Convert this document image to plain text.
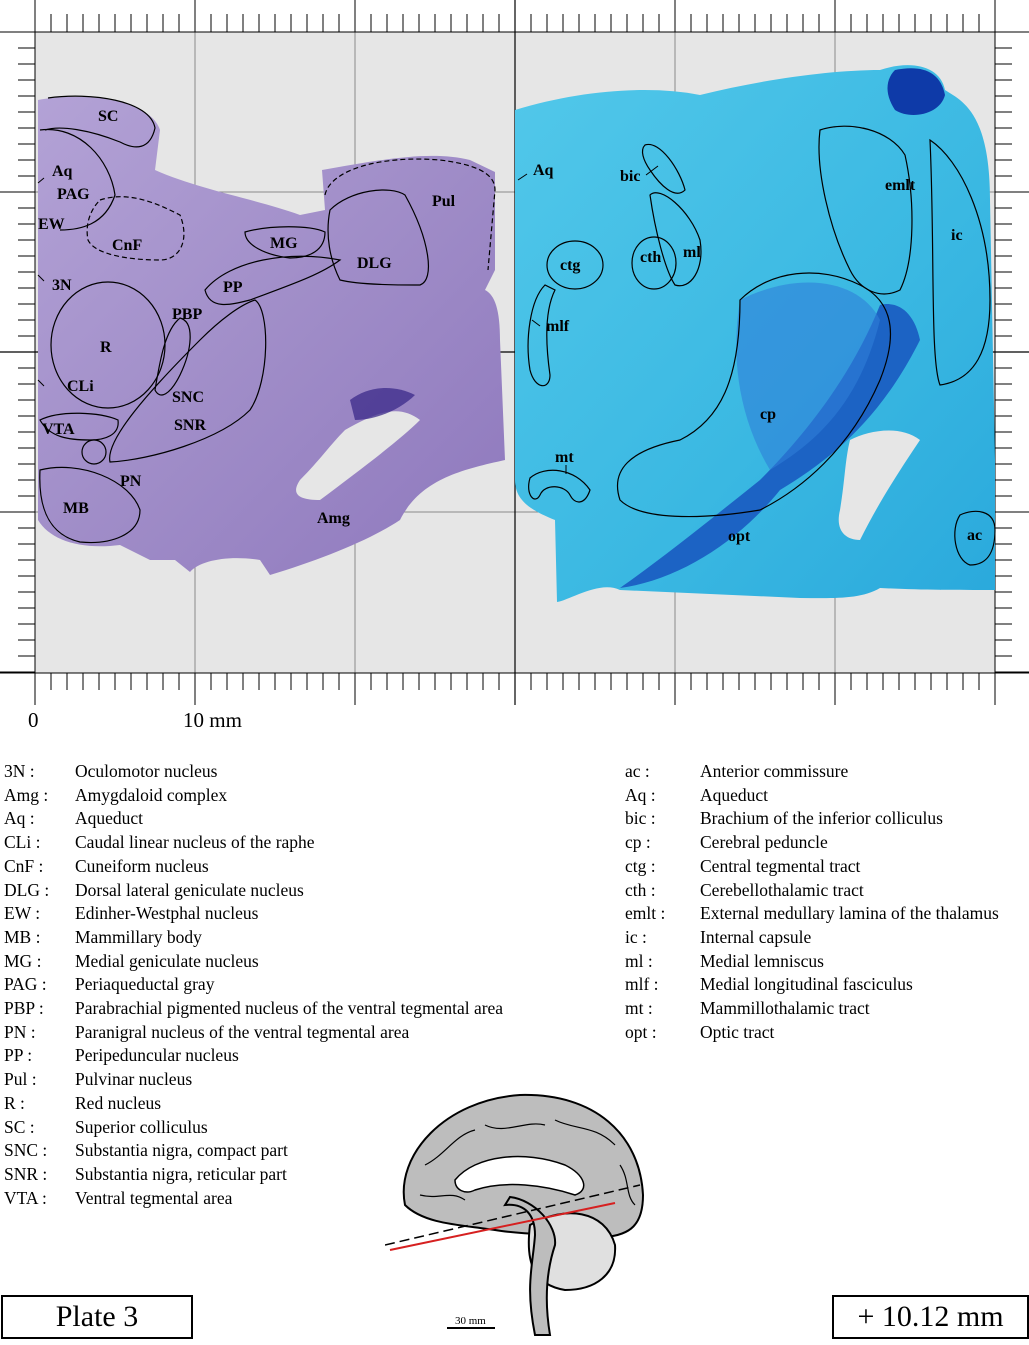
SC
Aq
PAG
EW
CnF
3N
R
CLi
VTA
MB
PN
PBP
SNC
SNR
PP
MG
DLG
Pul
Amg
Aq	bic
cth ml
ctg
mlf
mt
cp
opt
emlt
ic
ac
0	10 mm
3N :	Oculomotor nucleus
Amg :	Amygdaloid complex
Aq :	Aqueduct
CLi :	Caudal linear nucleus of the raphe
CnF :	Cuneiform nucleus
DLG :	Dorsal lateral geniculate nucleus
EW :	Edinher-Westphal nucleus
MB :	Mammillary body
MG :	Medial geniculate nucleus
PAG :	Periaqueductal gray
PBP :	Parabrachial pigmented nucleus of the ventral tegmental area
PN :	Paranigral nucleus of the ventral tegmental area
PP :	Peripeduncular nucleus
Pul :	Pulvinar nucleus
R :	Red nucleus
SC :	Superior colliculus
SNC :	Substantia nigra, compact part
SNR :	Substantia nigra, reticular part
VTA :	Ventral tegmental area
ac :	Anterior commissure
Aq :	Aqueduct
bic :	Brachium of the inferior colliculus
cp :	Cerebral peduncle
ctg :	Central tegmental tract
cth :	Cerebellothalamic tract
emlt :	External medullary lamina of the thalamus
ic :	Internal capsule
ml :	Medial lemniscus
mlf :	Medial longitudinal fasciculus
mt :	Mammillothalamic tract
opt :	Optic tract
30 mm
Plate 3	+ 10.12 mm
